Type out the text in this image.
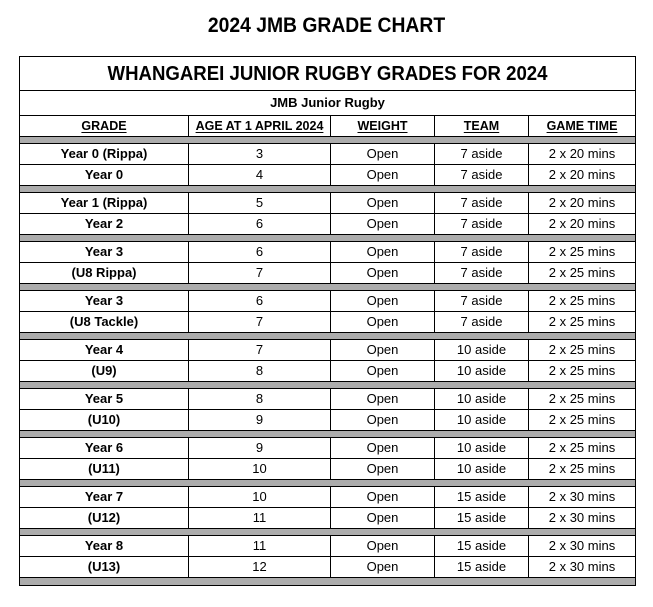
2024 JMB GRADE CHART
WHANGAREI JUNIOR RUGBY GRADES FOR 2024
JMB Junior Rugby
GRADE	AGE AT 1 APRIL 2024	WEIGHT	TEAM	GAME TIME
Year 0 (Rippa)	3	Open	7 aside	2 x 20 mins
Year 0	4	Open	7 aside	2 x 20 mins
Year 1 (Rippa)	5	Open	7 aside	2 x 20 mins
Year 2	6	Open	7 aside	2 x 20 mins
Year 3	6	Open	7 aside	2 x 25 mins
(U8 Rippa)	7	Open	7 aside	2 x 25 mins
Year 3	6	Open	7 aside	2 x 25 mins
(U8 Tackle)	7	Open	7 aside	2 x 25 mins
Year 4	7	Open	10 aside	2 x 25 mins
(U9)	8	Open	10 aside	2 x 25 mins
Year 5	8	Open	10 aside	2 x 25 mins
(U10)	9	Open	10 aside	2 x 25 mins
Year 6	9	Open	10 aside	2 x 25 mins
(U11)	10	Open	10 aside	2 x 25 mins
Year 7	10	Open	15 aside	2 x 30 mins
(U12)	11	Open	15 aside	2 x 30 mins
Year 8	11	Open	15 aside	2 x 30 mins
(U13)	12	Open	15 aside	2 x 30 mins
